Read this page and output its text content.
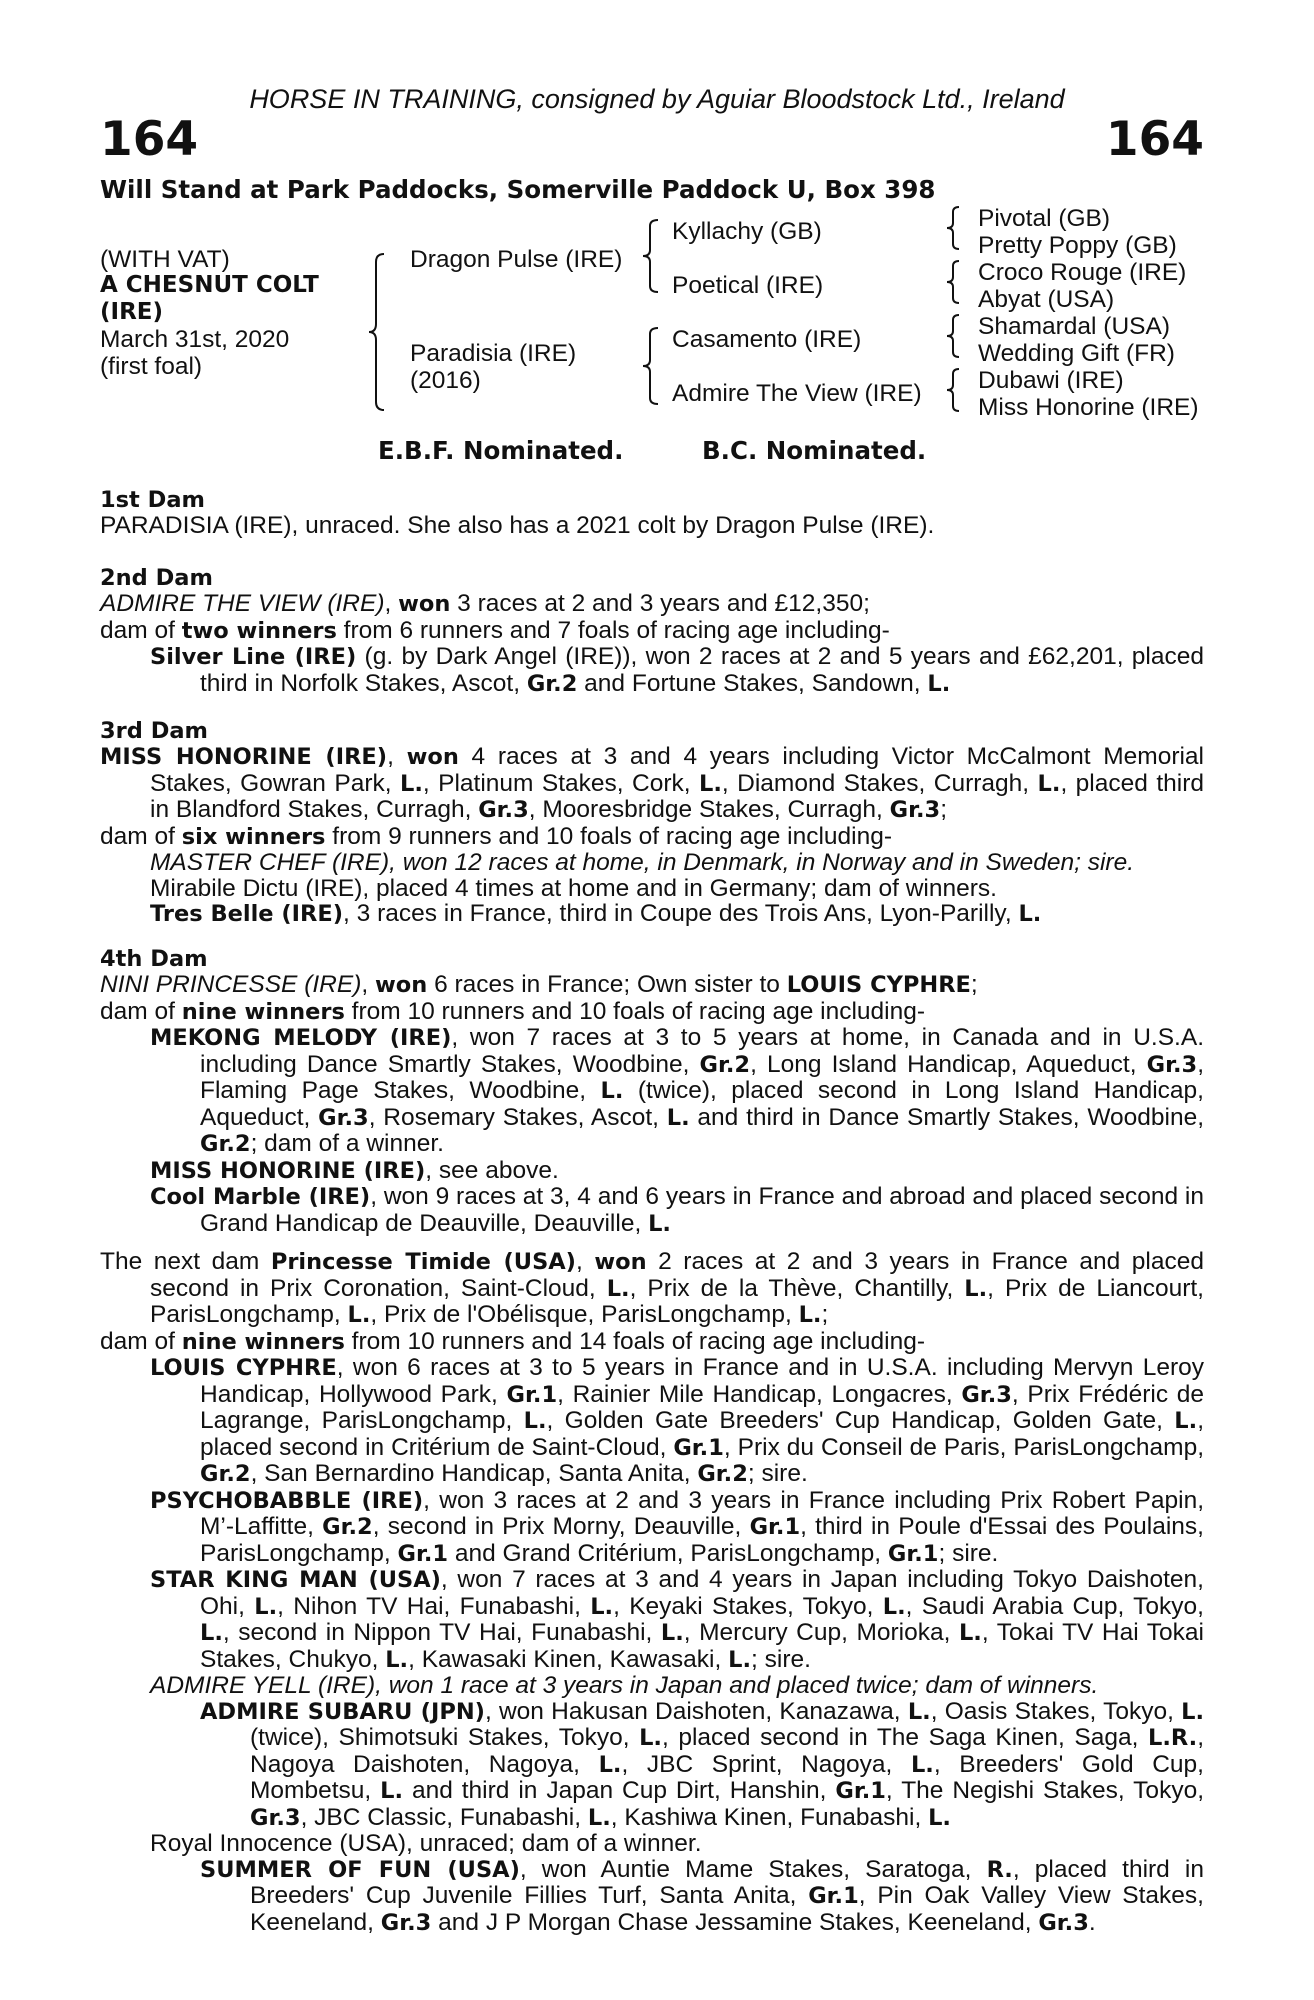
HORSE IN TRAINING, consigned by Aguiar Bloodstock Ltd., Ireland
164	164
Will Stand at Park Paddocks, Somerville Paddock U, Box 398
(WITH VAT)
A CHESNUT COLT
(IRE)
March 31st, 2020
(first foal)
Dragon Pulse (IRE)
Paradisia (IRE)
(2016)
Kyllachy (GB)
Poetical (IRE)
Casamento (IRE)
Admire The View (IRE)
Pivotal (GB)
Pretty Poppy (GB)
Croco Rouge (IRE)
Abyat (USA)
Shamardal (USA)
Wedding Gift (FR)
Dubawi (IRE)
Miss Honorine (IRE)
E.B.F. Nominated.	B.C. Nominated.

1st Dam

PARADISIA (IRE), unraced. She also has a 2021 colt by Dragon Pulse (IRE).

2nd Dam

ADMIRE THE VIEW (IRE), won 3 races at 2 and 3 years and £12,350;

dam of two winners from 6 runners and 7 foals of racing age including-

Silver Line (IRE) (g. by Dark Angel (IRE)), won 2 races at 2 and 5 years and £62,201, placed third in Norfolk Stakes, Ascot, Gr.2 and Fortune Stakes, Sandown, L.

3rd Dam

MISS HONORINE (IRE), won 4 races at 3 and 4 years including Victor McCalmont Memorial Stakes, Gowran Park, L., Platinum Stakes, Cork, L., Diamond Stakes, Curragh, L., placed third in Blandford Stakes, Curragh, Gr.3, Mooresbridge Stakes, Curragh, Gr.3;

dam of six winners from 9 runners and 10 foals of racing age including-

MASTER CHEF (IRE), won 12 races at home, in Denmark, in Norway and in Sweden; sire.

Mirabile Dictu (IRE), placed 4 times at home and in Germany; dam of winners.

Tres Belle (IRE), 3 races in France, third in Coupe des Trois Ans, Lyon-Parilly, L.

4th Dam

NINI PRINCESSE (IRE), won 6 races in France; Own sister to LOUIS CYPHRE;

dam of nine winners from 10 runners and 10 foals of racing age including-

MEKONG MELODY (IRE), won 7 races at 3 to 5 years at home, in Canada and in U.S.A. including Dance Smartly Stakes, Woodbine, Gr.2, Long Island Handicap, Aqueduct, Gr.3, Flaming Page Stakes, Woodbine, L. (twice), placed second in Long Island Handicap, Aqueduct, Gr.3, Rosemary Stakes, Ascot, L. and third in Dance Smartly Stakes, Woodbine, Gr.2; dam of a winner.

MISS HONORINE (IRE), see above.

Cool Marble (IRE), won 9 races at 3, 4 and 6 years in France and abroad and placed second in Grand Handicap de Deauville, Deauville, L.

The next dam Princesse Timide (USA), won 2 races at 2 and 3 years in France and placed second in Prix Coronation, Saint-Cloud, L., Prix de la Thève, Chantilly, L., Prix de Liancourt, ParisLongchamp, L., Prix de l'Obélisque, ParisLongchamp, L.;

dam of nine winners from 10 runners and 14 foals of racing age including-

LOUIS CYPHRE, won 6 races at 3 to 5 years in France and in U.S.A. including Mervyn Leroy Handicap, Hollywood Park, Gr.1, Rainier Mile Handicap, Longacres, Gr.3, Prix Frédéric de Lagrange, ParisLongchamp, L., Golden Gate Breeders' Cup Handicap, Golden Gate, L., placed second in Critérium de Saint-Cloud, Gr.1, Prix du Conseil de Paris, ParisLongchamp, Gr.2, San Bernardino Handicap, Santa Anita, Gr.2; sire.

PSYCHOBABBLE (IRE), won 3 races at 2 and 3 years in France including Prix Robert Papin, M’-Laffitte, Gr.2, second in Prix Morny, Deauville, Gr.1, third in Poule d'Essai des Poulains, ParisLongchamp, Gr.1 and Grand Critérium, ParisLongchamp, Gr.1; sire.

STAR KING MAN (USA), won 7 races at 3 and 4 years in Japan including Tokyo Daishoten, Ohi, L., Nihon TV Hai, Funabashi, L., Keyaki Stakes, Tokyo, L., Saudi Arabia Cup, Tokyo, L., second in Nippon TV Hai, Funabashi, L., Mercury Cup, Morioka, L., Tokai TV Hai Tokai Stakes, Chukyo, L., Kawasaki Kinen, Kawasaki, L.; sire.

ADMIRE YELL (IRE), won 1 race at 3 years in Japan and placed twice; dam of winners.

ADMIRE SUBARU (JPN), won Hakusan Daishoten, Kanazawa, L., Oasis Stakes, Tokyo, L. (twice), Shimotsuki Stakes, Tokyo, L., placed second in The Saga Kinen, Saga, L.R., Nagoya Daishoten, Nagoya, L., JBC Sprint, Nagoya, L., Breeders' Gold Cup, Mombetsu, L. and third in Japan Cup Dirt, Hanshin, Gr.1, The Negishi Stakes, Tokyo, Gr.3, JBC Classic, Funabashi, L., Kashiwa Kinen, Funabashi, L.

Royal Innocence (USA), unraced; dam of a winner.

SUMMER OF FUN (USA), won Auntie Mame Stakes, Saratoga, R., placed third in Breeders' Cup Juvenile Fillies Turf, Santa Anita, Gr.1, Pin Oak Valley View Stakes, Keeneland, Gr.3 and J P Morgan Chase Jessamine Stakes, Keeneland, Gr.3.
